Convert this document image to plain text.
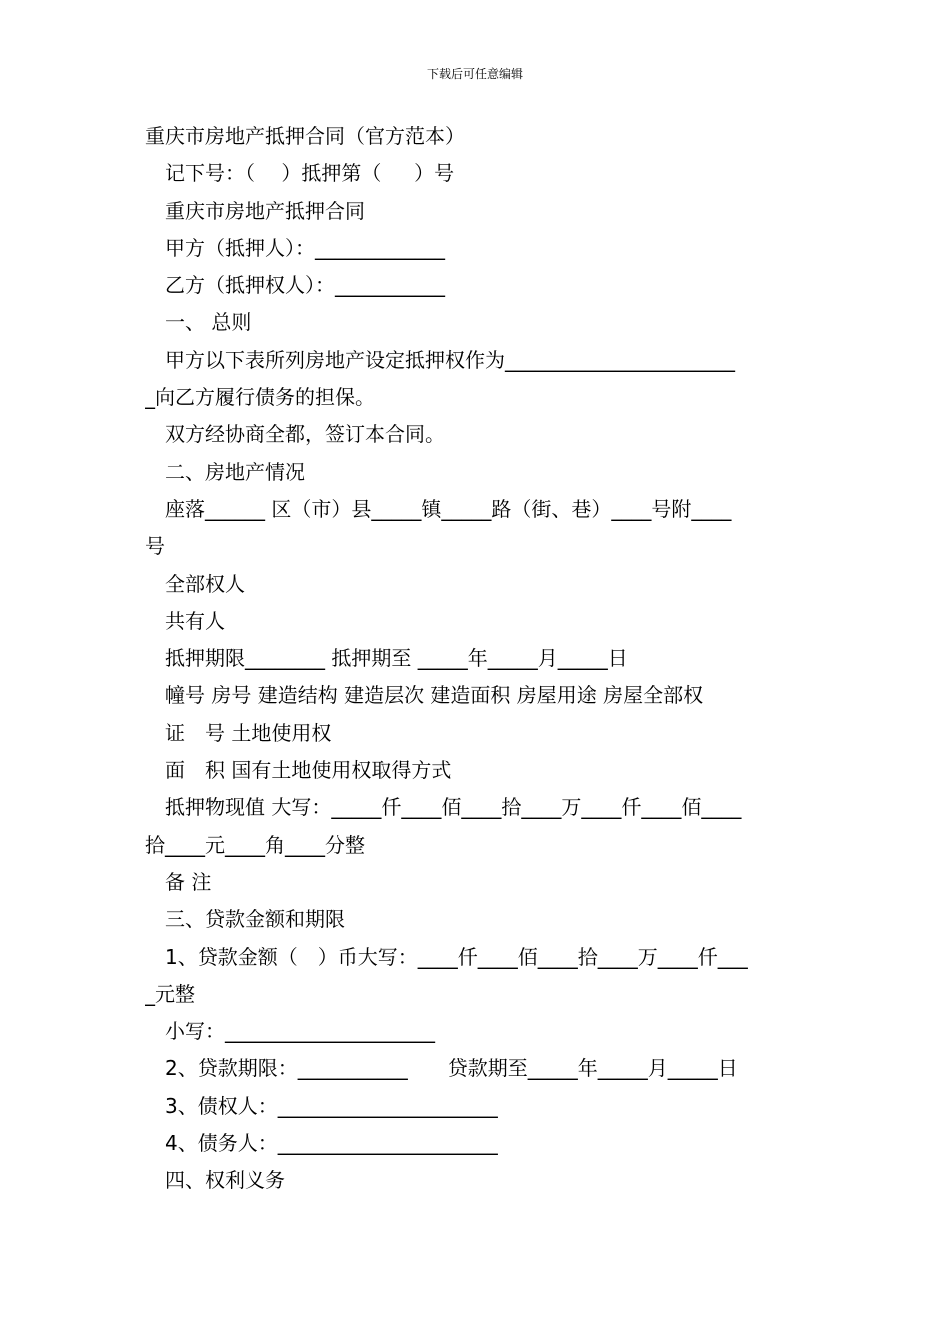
下载后可任意编辑
重庆市房地产抵押合同（官方范本）
记下号：（　 ）抵押第（ 　 ）号
重庆市房地产抵押合同
甲方（抵押人）：_____________
乙方（抵押权人）：___________
一、 总则
甲方以下表所列房地产设定抵押权作为_______________________
_向乙方履行债务的担保。
双方经协商全都，签订本合同。
二、房地产情况
座落______ 区（市）县_____镇_____路（街、巷）____号附____
号
全部权人
共有人
抵押期限________ 抵押期至 _____年_____月_____日
幢号 房号 建造结构 建造层次 建造面积 房屋用途 房屋全部权
证　号 土地使用权
面　积 国有土地使用权取得方式
抵押物现值 大写：_____仟____佰____拾____万____仟____佰____
拾____元____角____分整
备 注
三、贷款金额和期限
1、贷款金额（　）币大写：____仟____佰____拾____万____仟___
_元整
小写：_____________________
2、贷款期限：___________　　贷款期至_____年_____月_____日
3、债权人：______________________
4、债务人：______________________
四、权利义务
